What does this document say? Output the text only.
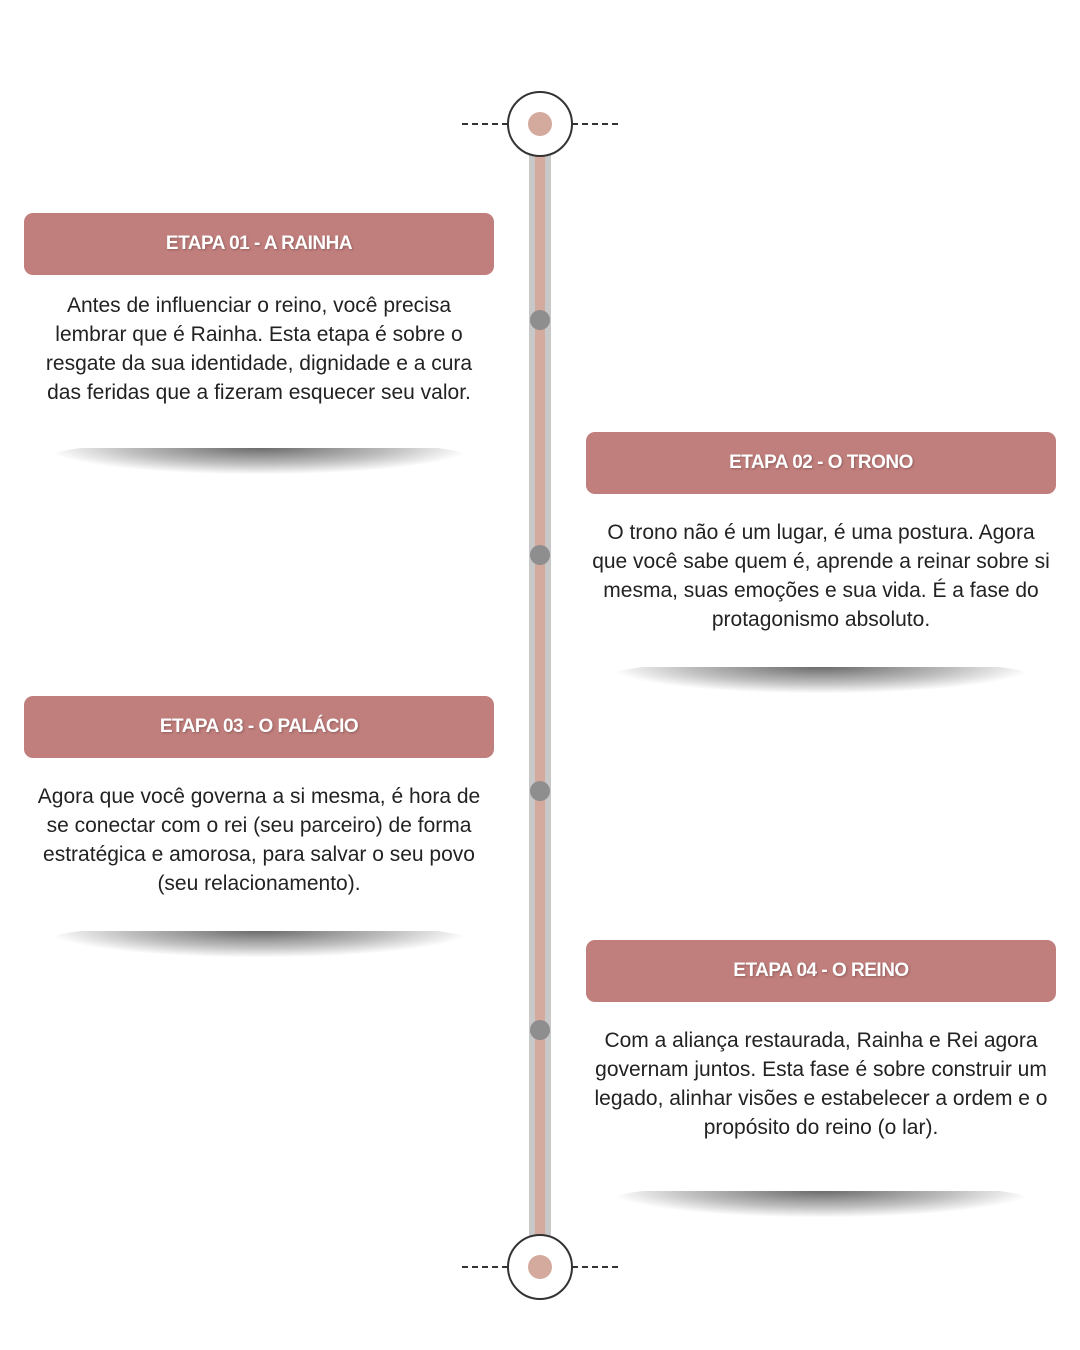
ETAPA 01 - A RAINHA
Antes de influenciar o reino, você precisa lembrar que é Rainha. Esta etapa é sobre o resgate da sua identidade, dignidade e a cura das feridas que a fizeram esquecer seu valor.
ETAPA 02 - O TRONO
O trono não é um lugar, é uma postura. Agora que você sabe quem é, aprende a reinar sobre si mesma, suas emoções e sua vida. É a fase do protagonismo absoluto.
ETAPA 03 - O PALÁCIO
Agora que você governa a si mesma, é hora de se conectar com o rei (seu parceiro) de forma estratégica e amorosa, para salvar o seu povo (seu relacionamento).
ETAPA 04 - O REINO
Com a aliança restaurada, Rainha e Rei agora governam juntos. Esta fase é sobre construir um legado, alinhar visões e estabelecer a ordem e o propósito do reino (o lar).
